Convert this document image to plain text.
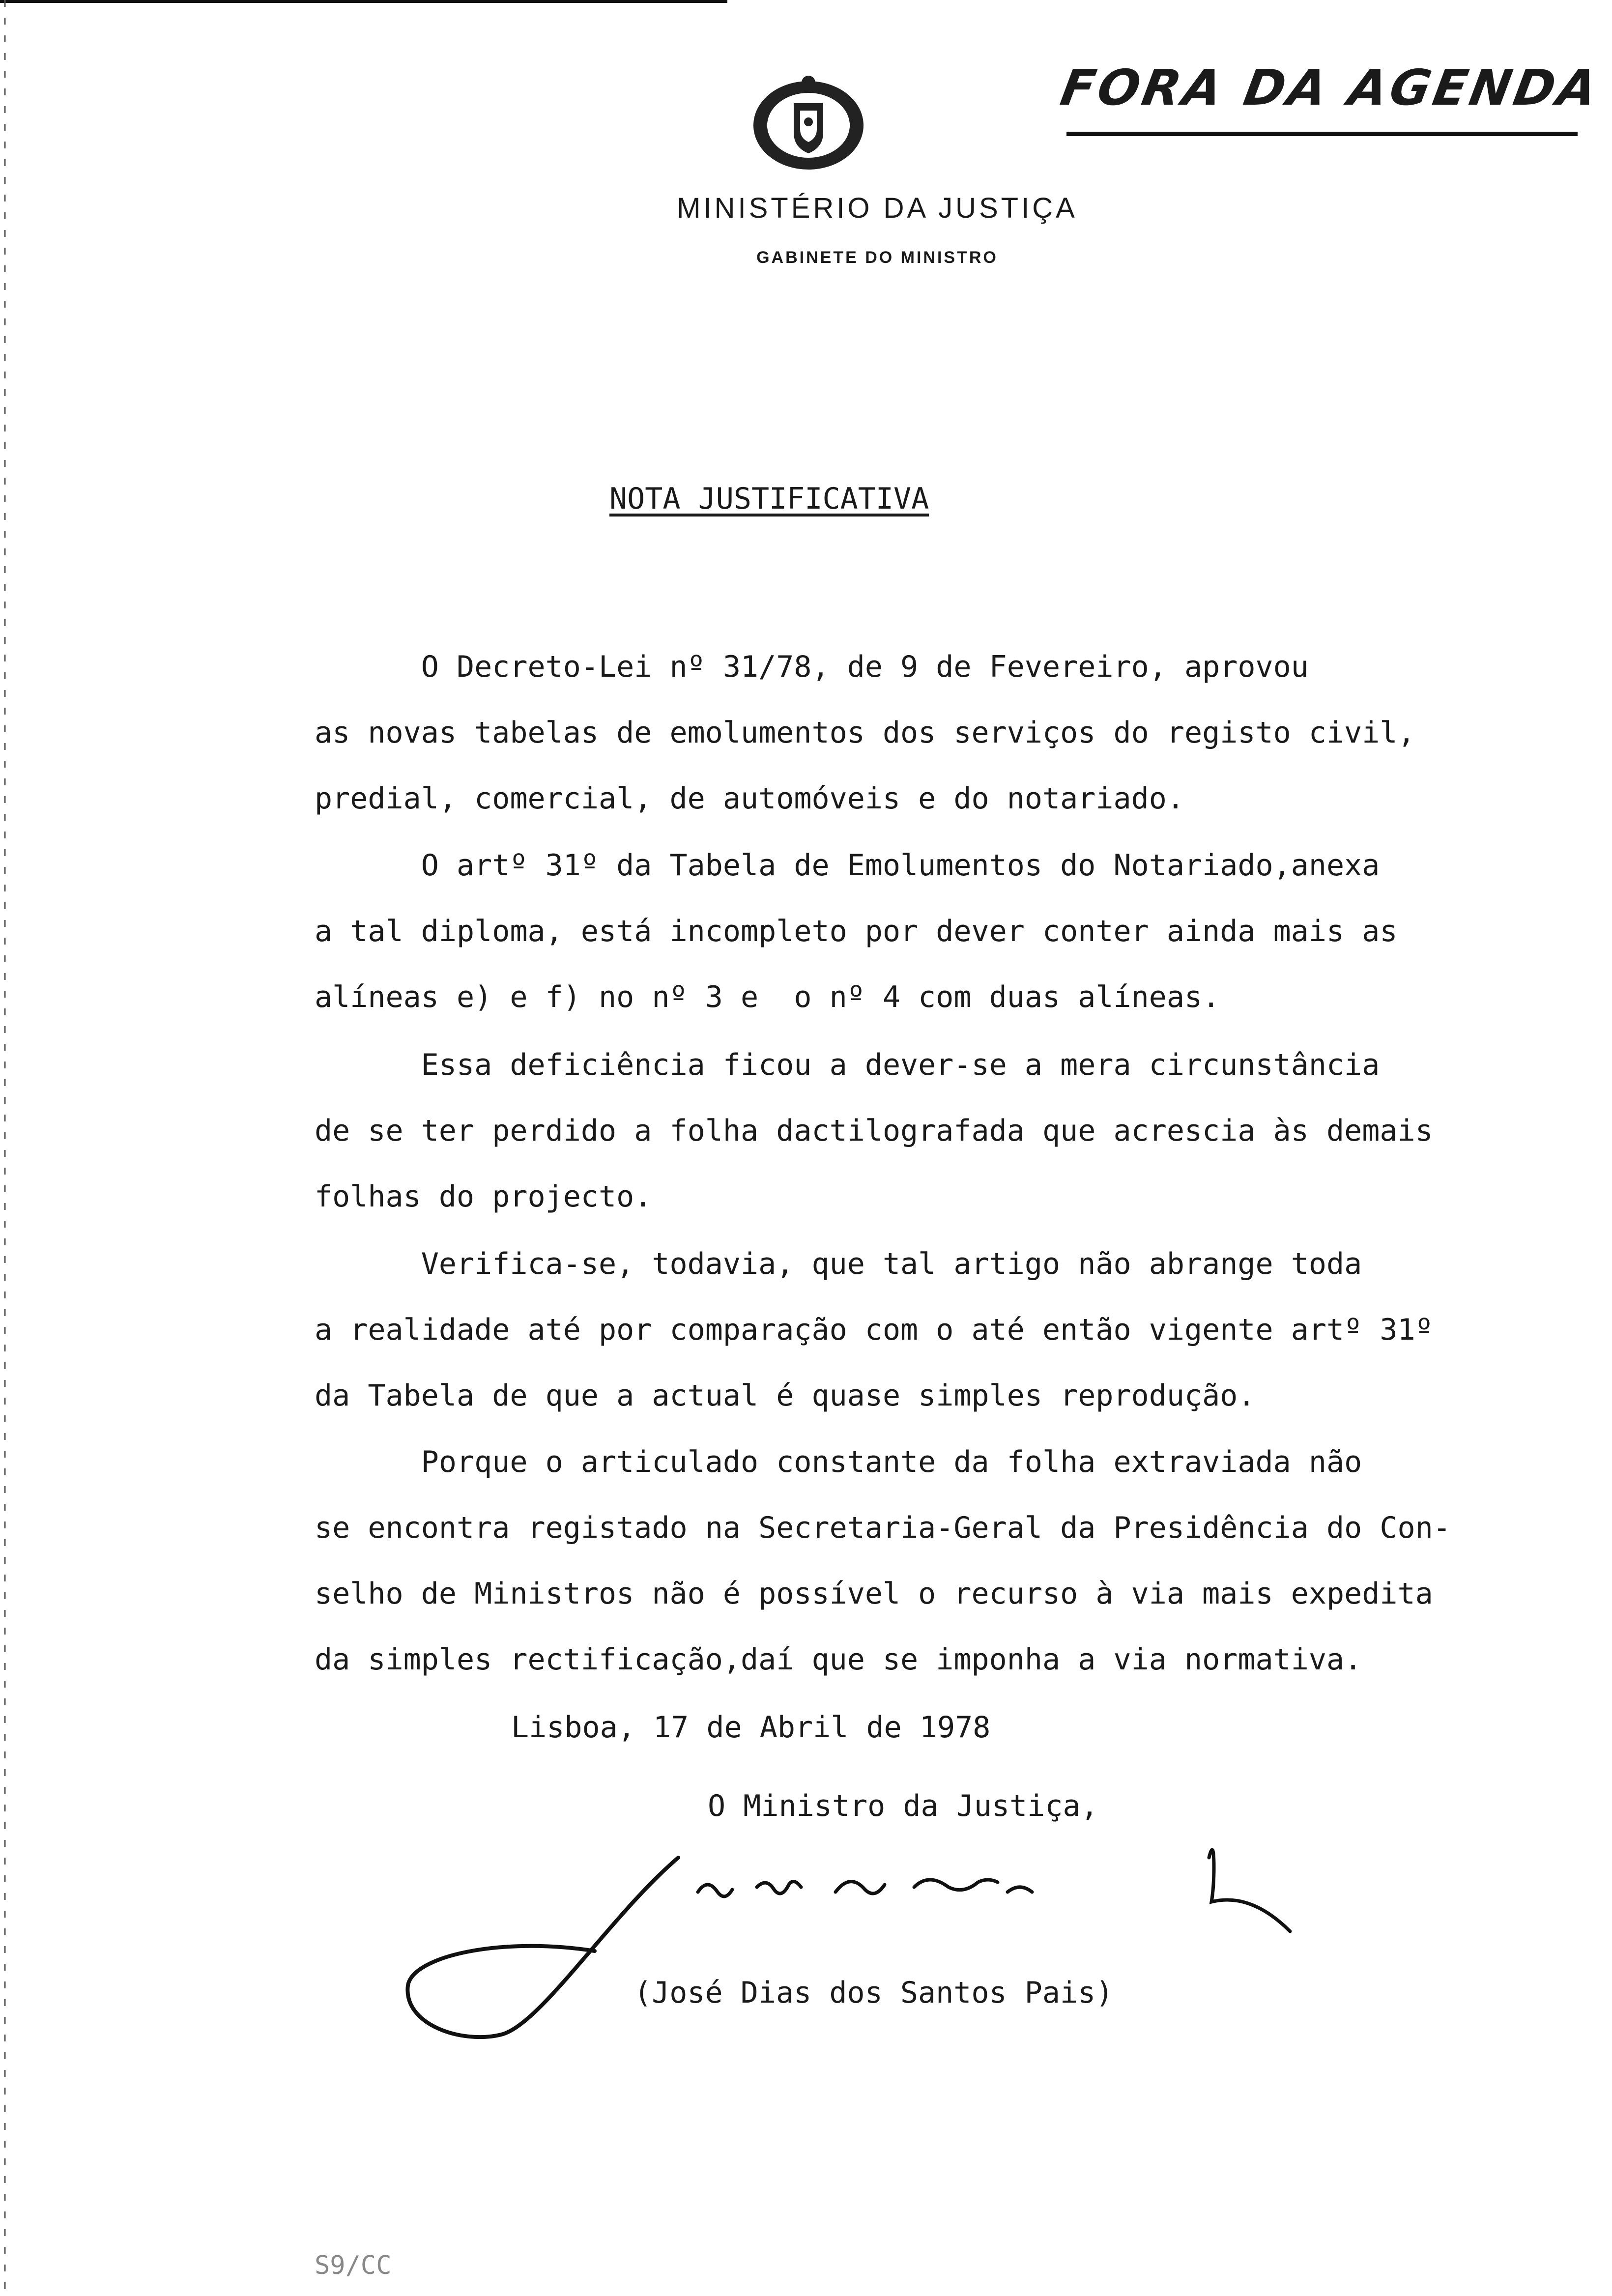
MINISTÉRIO DA JUSTIÇA
GABINETE DO MINISTRO
FORA DA AGENDA
NOTA JUSTIFICATIVA

O Decreto-Lei nº 31/78, de 9 de Fevereiro, aprovou
as novas tabelas de emolumentos dos serviços do registo civil,
predial, comercial, de automóveis e do notariado.

O artº 31º da Tabela de Emolumentos do Notariado,anexa
a tal diploma, está incompleto por dever conter ainda mais as
alíneas e) e f) no nº 3 e  o nº 4 com duas alíneas.

Essa deficiência ficou a dever-se a mera circunstância
de se ter perdido a folha dactilografada que acrescia às demais
folhas do projecto.

Verifica-se, todavia, que tal artigo não abrange toda
a realidade até por comparação com o até então vigente artº 31º
da Tabela de que a actual é quase simples reprodução.

Porque o articulado constante da folha extraviada não
se encontra registado na Secretaria-Geral da Presidência do Con-
selho de Ministros não é possível o recurso à via mais expedita
da simples rectificação,daí que se imponha a via normativa.

Lisboa, 17 de Abril de 1978
O Ministro da Justiça,
(José Dias dos Santos Pais)
S9/CC
